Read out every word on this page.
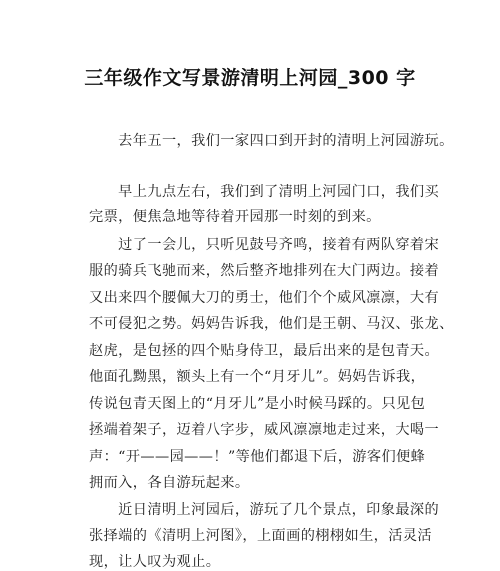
三年级作文写景游清明上河园_300 字
　　去年五一，我们一家四口到开封的清明上河园游玩。
　　早上九点左右，我们到了清明上河园门口，我们买
完票，便焦急地等待着开园那一时刻的到来。
　　过了一会儿，只听见鼓号齐鸣，接着有两队穿着宋
服的骑兵飞驰而来，然后整齐地排列在大门两边。接着
又出来四个腰佩大刀的勇士，他们个个威风凛凛，大有
不可侵犯之势。妈妈告诉我，他们是王朝、马汉、张龙、
赵虎，是包拯的四个贴身侍卫，最后出来的是包青天。
他面孔黝黑，额头上有一个“月牙儿”。妈妈告诉我，
传说包青天图上的“月牙儿”是小时候马踩的。只见包
拯端着架子，迈着八字步，威风凛凛地走过来，大喝一
声：“开——园——！”等他们都退下后，游客们便蜂
拥而入，各自游玩起来。
　　近日清明上河园后，游玩了几个景点，印象最深的
张择端的《清明上河图》，上面画的栩栩如生，活灵活
现，让人叹为观止。
